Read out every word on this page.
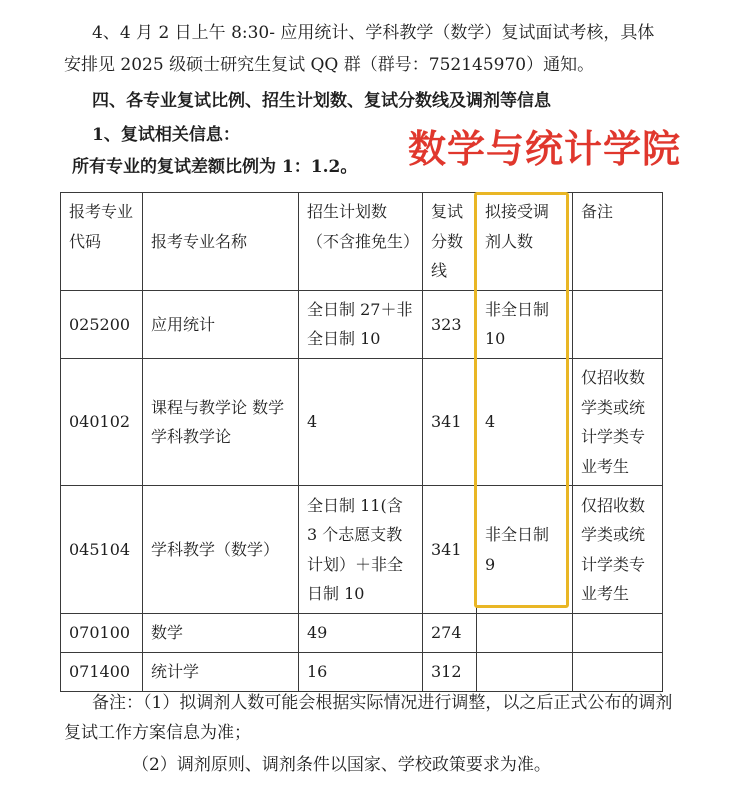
4、4 月 2 日上午 8:30- 应用统计、学科教学（数学）复试面试考核，具体
安排见 2025 级硕士研究生复试 QQ 群（群号：752145970）通知。
四、各专业复试比例、招生计划数、复试分数线及调剂等信息
1、复试相关信息：
所有专业的复试差额比例为 1：1.2。 数学与统计学院
报考专业代码	报考专业名称	招生计划数（不含推免生）	复试分数线	拟接受调剂人数	备注
025200	应用统计	全日制 27＋非全日制 10	323	非全日制 10	
040102	课程与教学论 数学学科教学论	4	341	4	仅招收数学类或统计学类专业考生
045104	学科教学（数学）	全日制 11(含 3 个志愿支教计划）＋非全日制 10	341	非全日制 9	仅招收数学类或统计学类专业考生
070100	数学	49	274		
071400	统计学	16	312		
备注：（1）拟调剂人数可能会根据实际情况进行调整，以之后正式公布的调剂
复试工作方案信息为准；
（2）调剂原则、调剂条件以国家、学校政策要求为准。
